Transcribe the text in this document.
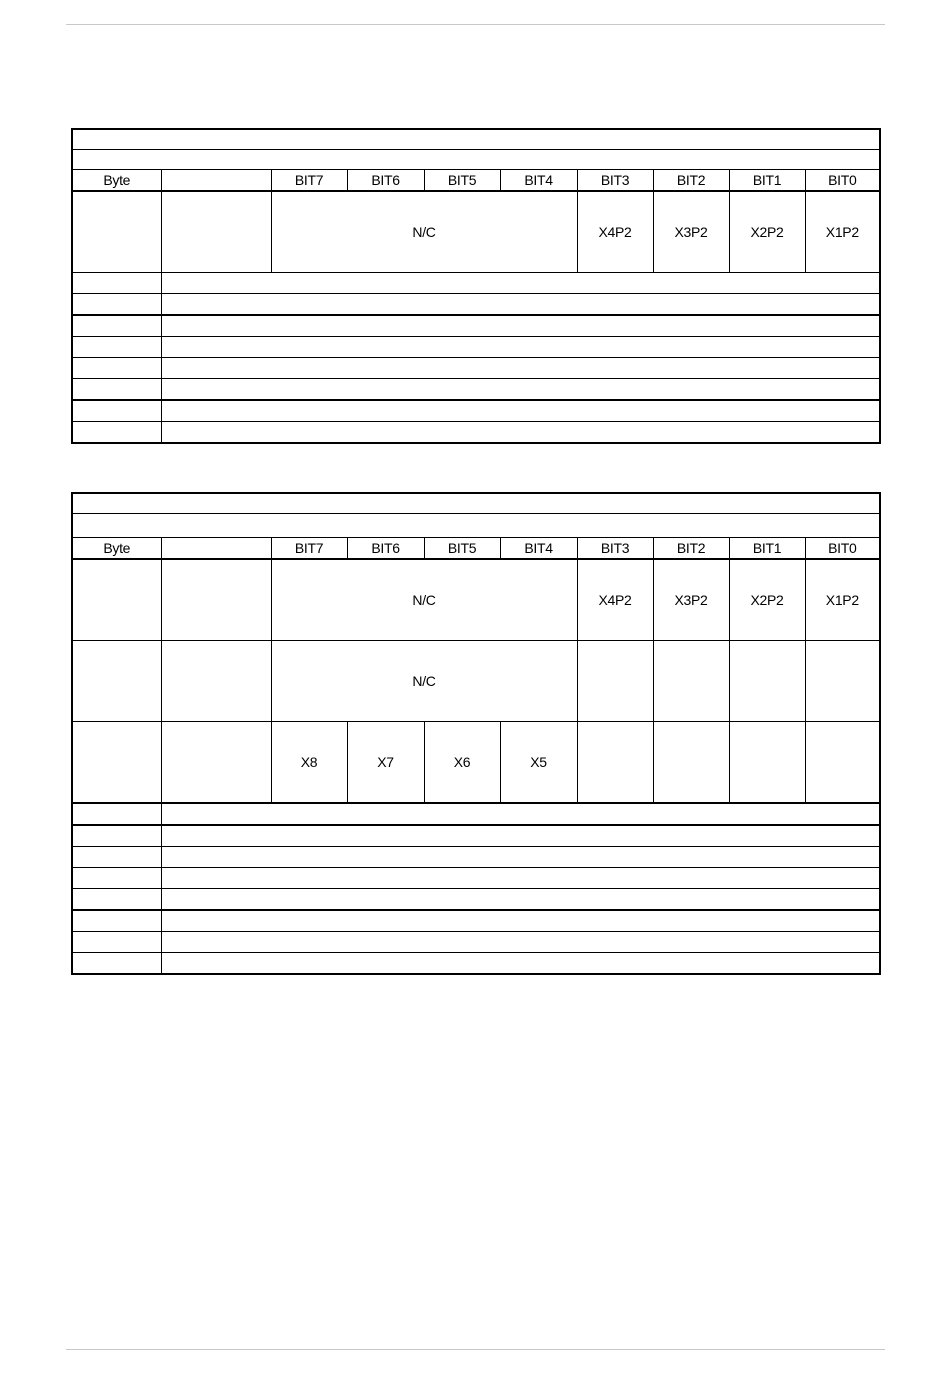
Byte		BIT7	BIT6	BIT5	BIT4	BIT3	BIT2	BIT1	BIT0
		N/C				X4P2	X3P2	X2P2	X1P2

Byte		BIT7	BIT6	BIT5	BIT4	BIT3	BIT2	BIT1	BIT0
		N/C				X4P2	X3P2	X2P2	X1P2
		N/C							
		X8	X7	X6	X5				
